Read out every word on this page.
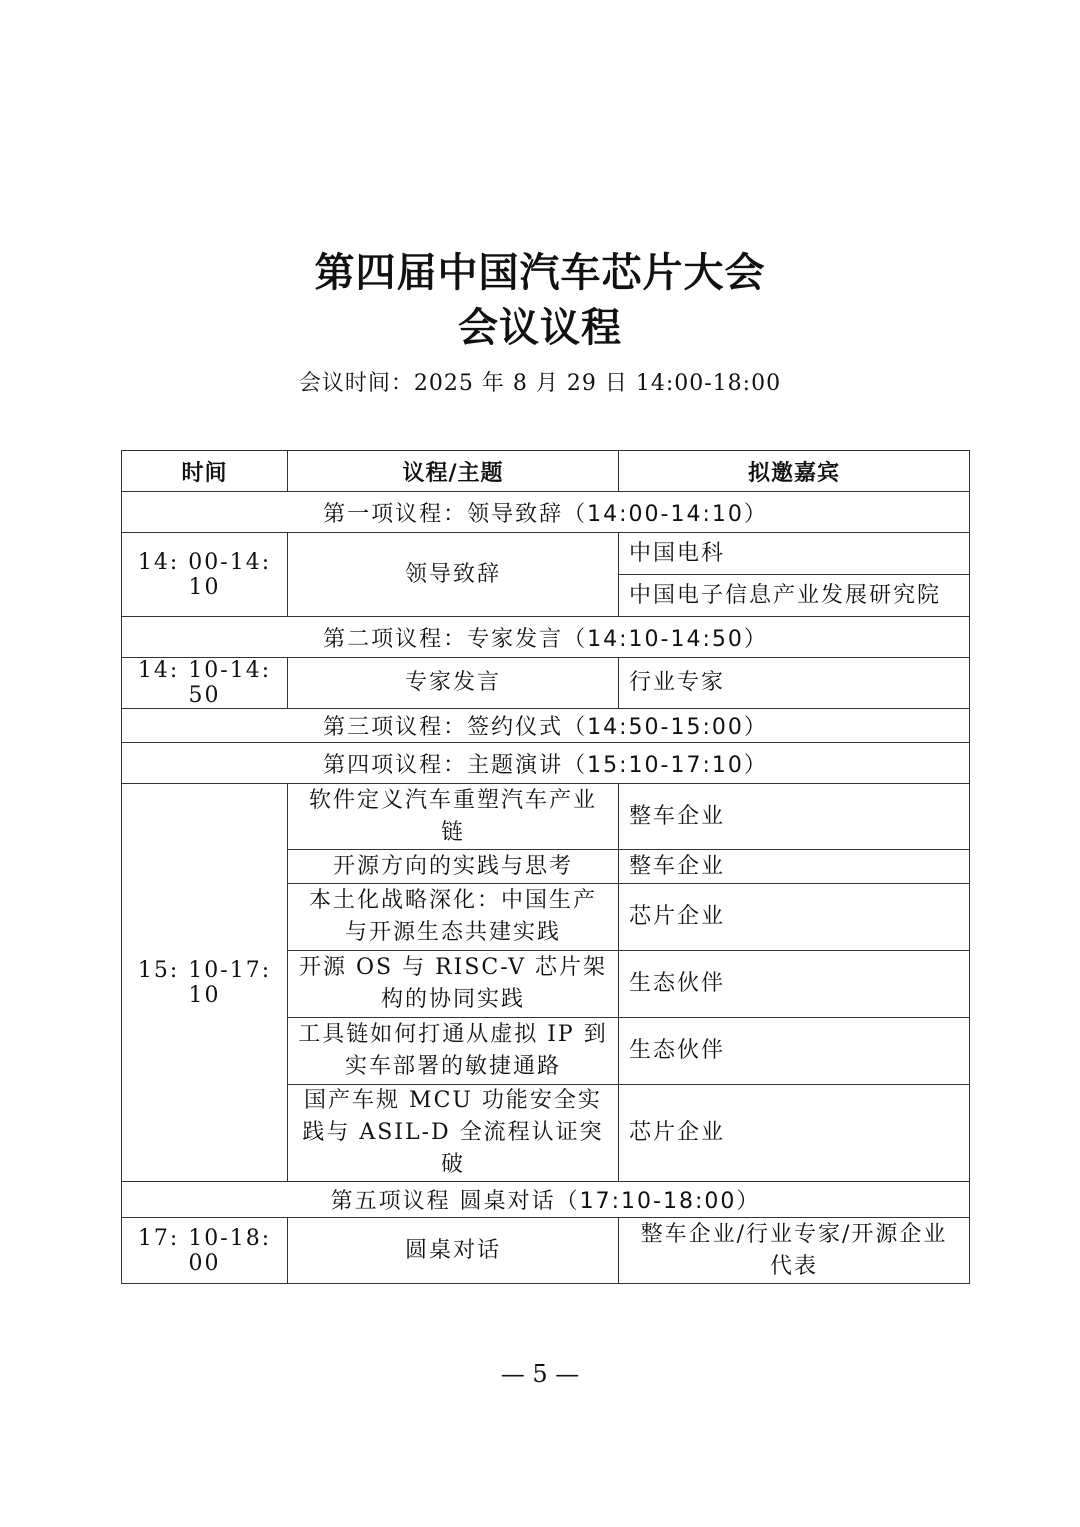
第四届中国汽车芯片大会
会议议程
会议时间：2025 年 8 月 29 日 14:00-18:00
时间	议程/主题	拟邀嘉宾
第一项议程：领导致辞（14:00-14:10）		
14: 00-14: 10	领导致辞	中国电科
		中国电子信息产业发展研究院
第二项议程：专家发言（14:10-14:50）		
14: 10-14: 50	专家发言	行业专家
第三项议程：签约仪式（14:50-15:00）		
第四项议程：主题演讲（15:10-17:10）		
15: 10-17: 10	软件定义汽车重塑汽车产业链	整车企业
	开源方向的实践与思考	整车企业

	本土化战略深化：中国生产与开源生态共建实践	芯片企业

	开源 OS 与 RISC-V 芯片架构的协同实践	生态伙伴

	工具链如何打通从虚拟 IP 到实车部署的敏捷通路	生态伙伴

	国产车规 MCU 功能安全实践与 ASIL-D 全流程认证突破	芯片企业
第五项议程 圆桌对话（17:10-18:00）		
17: 10-18: 00	圆桌对话	整车企业/行业专家/开源企业代表
— 5 —
